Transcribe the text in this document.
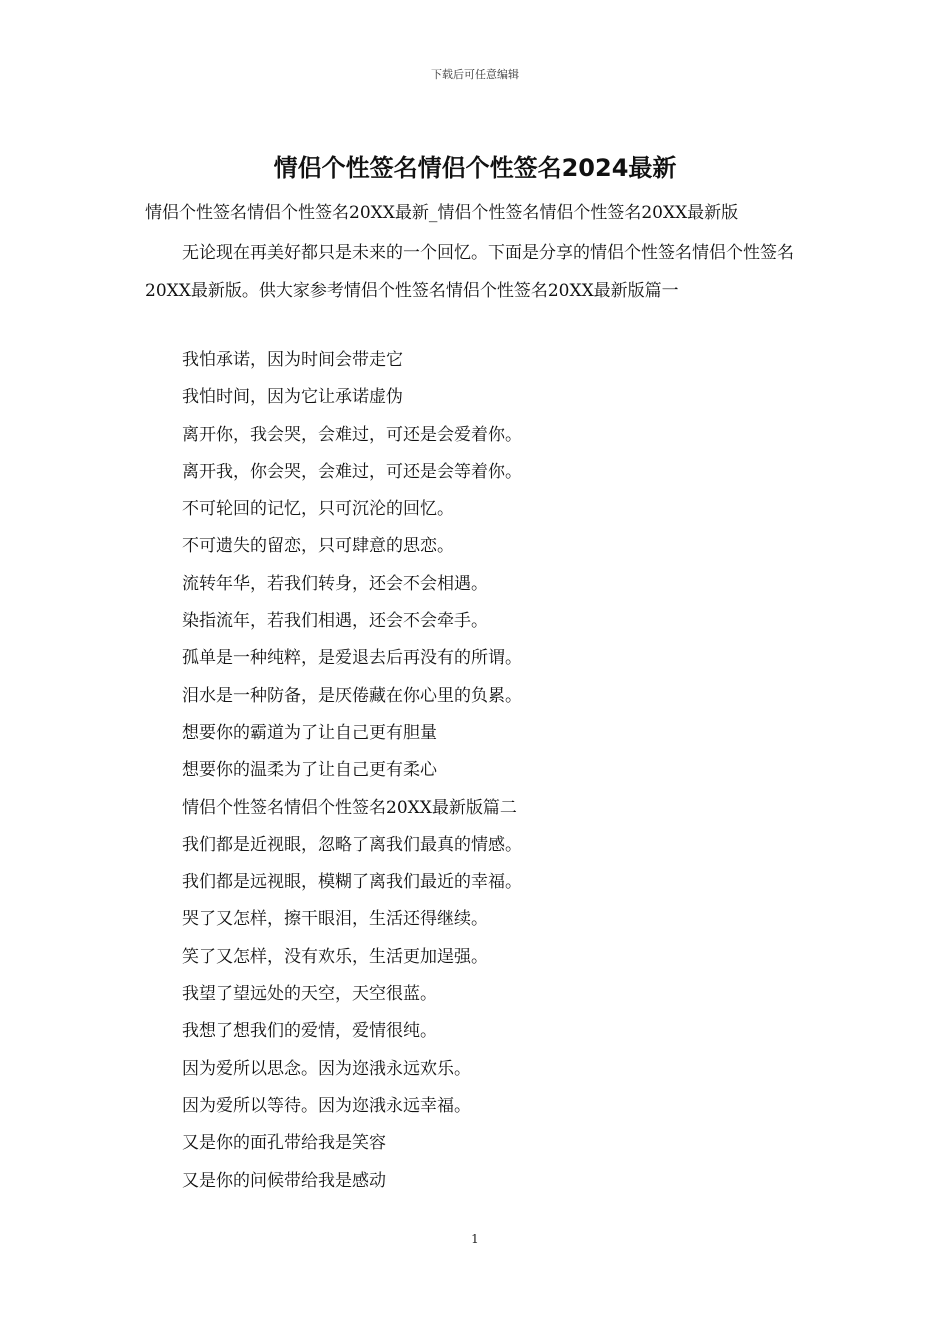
下载后可任意编辑
情侣个性签名情侣个性签名2024最新

情侣个性签名情侣个性签名20XX最新_情侣个性签名情侣个性签名20XX最新版

无论现在再美好都只是未来的一个回忆。下面是分享的情侣个性签名情侣个性签名20XX最新版。供大家参考情侣个性签名情侣个性签名20XX最新版篇一

我怕承诺，因为时间会带走它
我怕时间，因为它让承诺虚伪
离开你，我会哭，会难过，可还是会爱着你。
离开我，你会哭，会难过，可还是会等着你。
不可轮回的记忆，只可沉沦的回忆。
不可遗失的留恋，只可肆意的思恋。
流转年华，若我们转身，还会不会相遇。
染指流年，若我们相遇，还会不会牵手。
孤单是一种纯粹，是爱退去后再没有的所谓。
泪水是一种防备，是厌倦藏在你心里的负累。
想要你的霸道为了让自己更有胆量
想要你的温柔为了让自己更有柔心
情侣个性签名情侣个性签名20XX最新版篇二
我们都是近视眼，忽略了离我们最真的情感。
我们都是远视眼，模糊了离我们最近的幸福。
哭了又怎样，擦干眼泪，生活还得继续。
笑了又怎样，没有欢乐，生活更加逞强。
我望了望远处的天空，天空很蓝。
我想了想我们的爱情，爱情很纯。
因为爱所以思念。因为迩涐永远欢乐。
因为爱所以等待。因为迩涐永远幸福。
又是你的面孔带给我是笑容
又是你的问候带给我是感动
1
